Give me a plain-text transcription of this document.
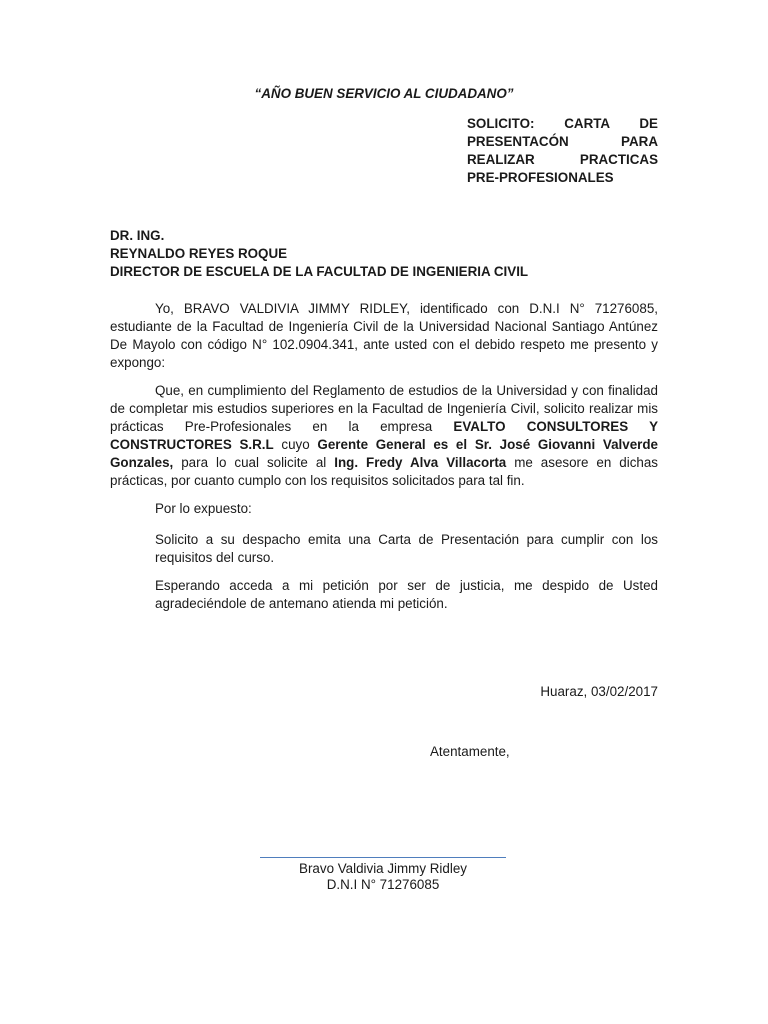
“AÑO BUEN SERVICIO AL CIUDADANO”
SOLICITO: CARTA DE
PRESENTACÓN PARA
REALIZAR PRACTICAS
PRE-PROFESIONALES
DR. ING.
REYNALDO REYES ROQUE
DIRECTOR DE ESCUELA DE LA FACULTAD DE INGENIERIA CIVIL

Yo, BRAVO VALDIVIA JIMMY RIDLEY, identificado con D.N.I N° 71276085, estudiante de la Facultad de Ingeniería Civil de la Universidad Nacional Santiago Antúnez De Mayolo con código N° 102.0904.341, ante usted con el debido respeto me presento y expongo:

Que, en cumplimiento del Reglamento de estudios de la Universidad y con finalidad de completar mis estudios superiores en la Facultad de Ingeniería Civil, solicito realizar mis prácticas Pre-Profesionales en la empresa EVALTO CONSULTORES Y CONSTRUCTORES S.R.L cuyo Gerente General es el Sr. José Giovanni Valverde Gonzales, para lo cual solicite al Ing. Fredy Alva Villacorta me asesore en dichas prácticas, por cuanto cumplo con los requisitos solicitados para tal fin.

Por lo expuesto:

Solicito a su despacho emita una Carta de Presentación para cumplir con los requisitos del curso.

Esperando acceda a mi petición por ser de justicia, me despido de Usted agradeciéndole de antemano atienda mi petición.

Huaraz, 03/02/2017
Atentamente,
Bravo Valdivia Jimmy Ridley
D.N.I N° 71276085
